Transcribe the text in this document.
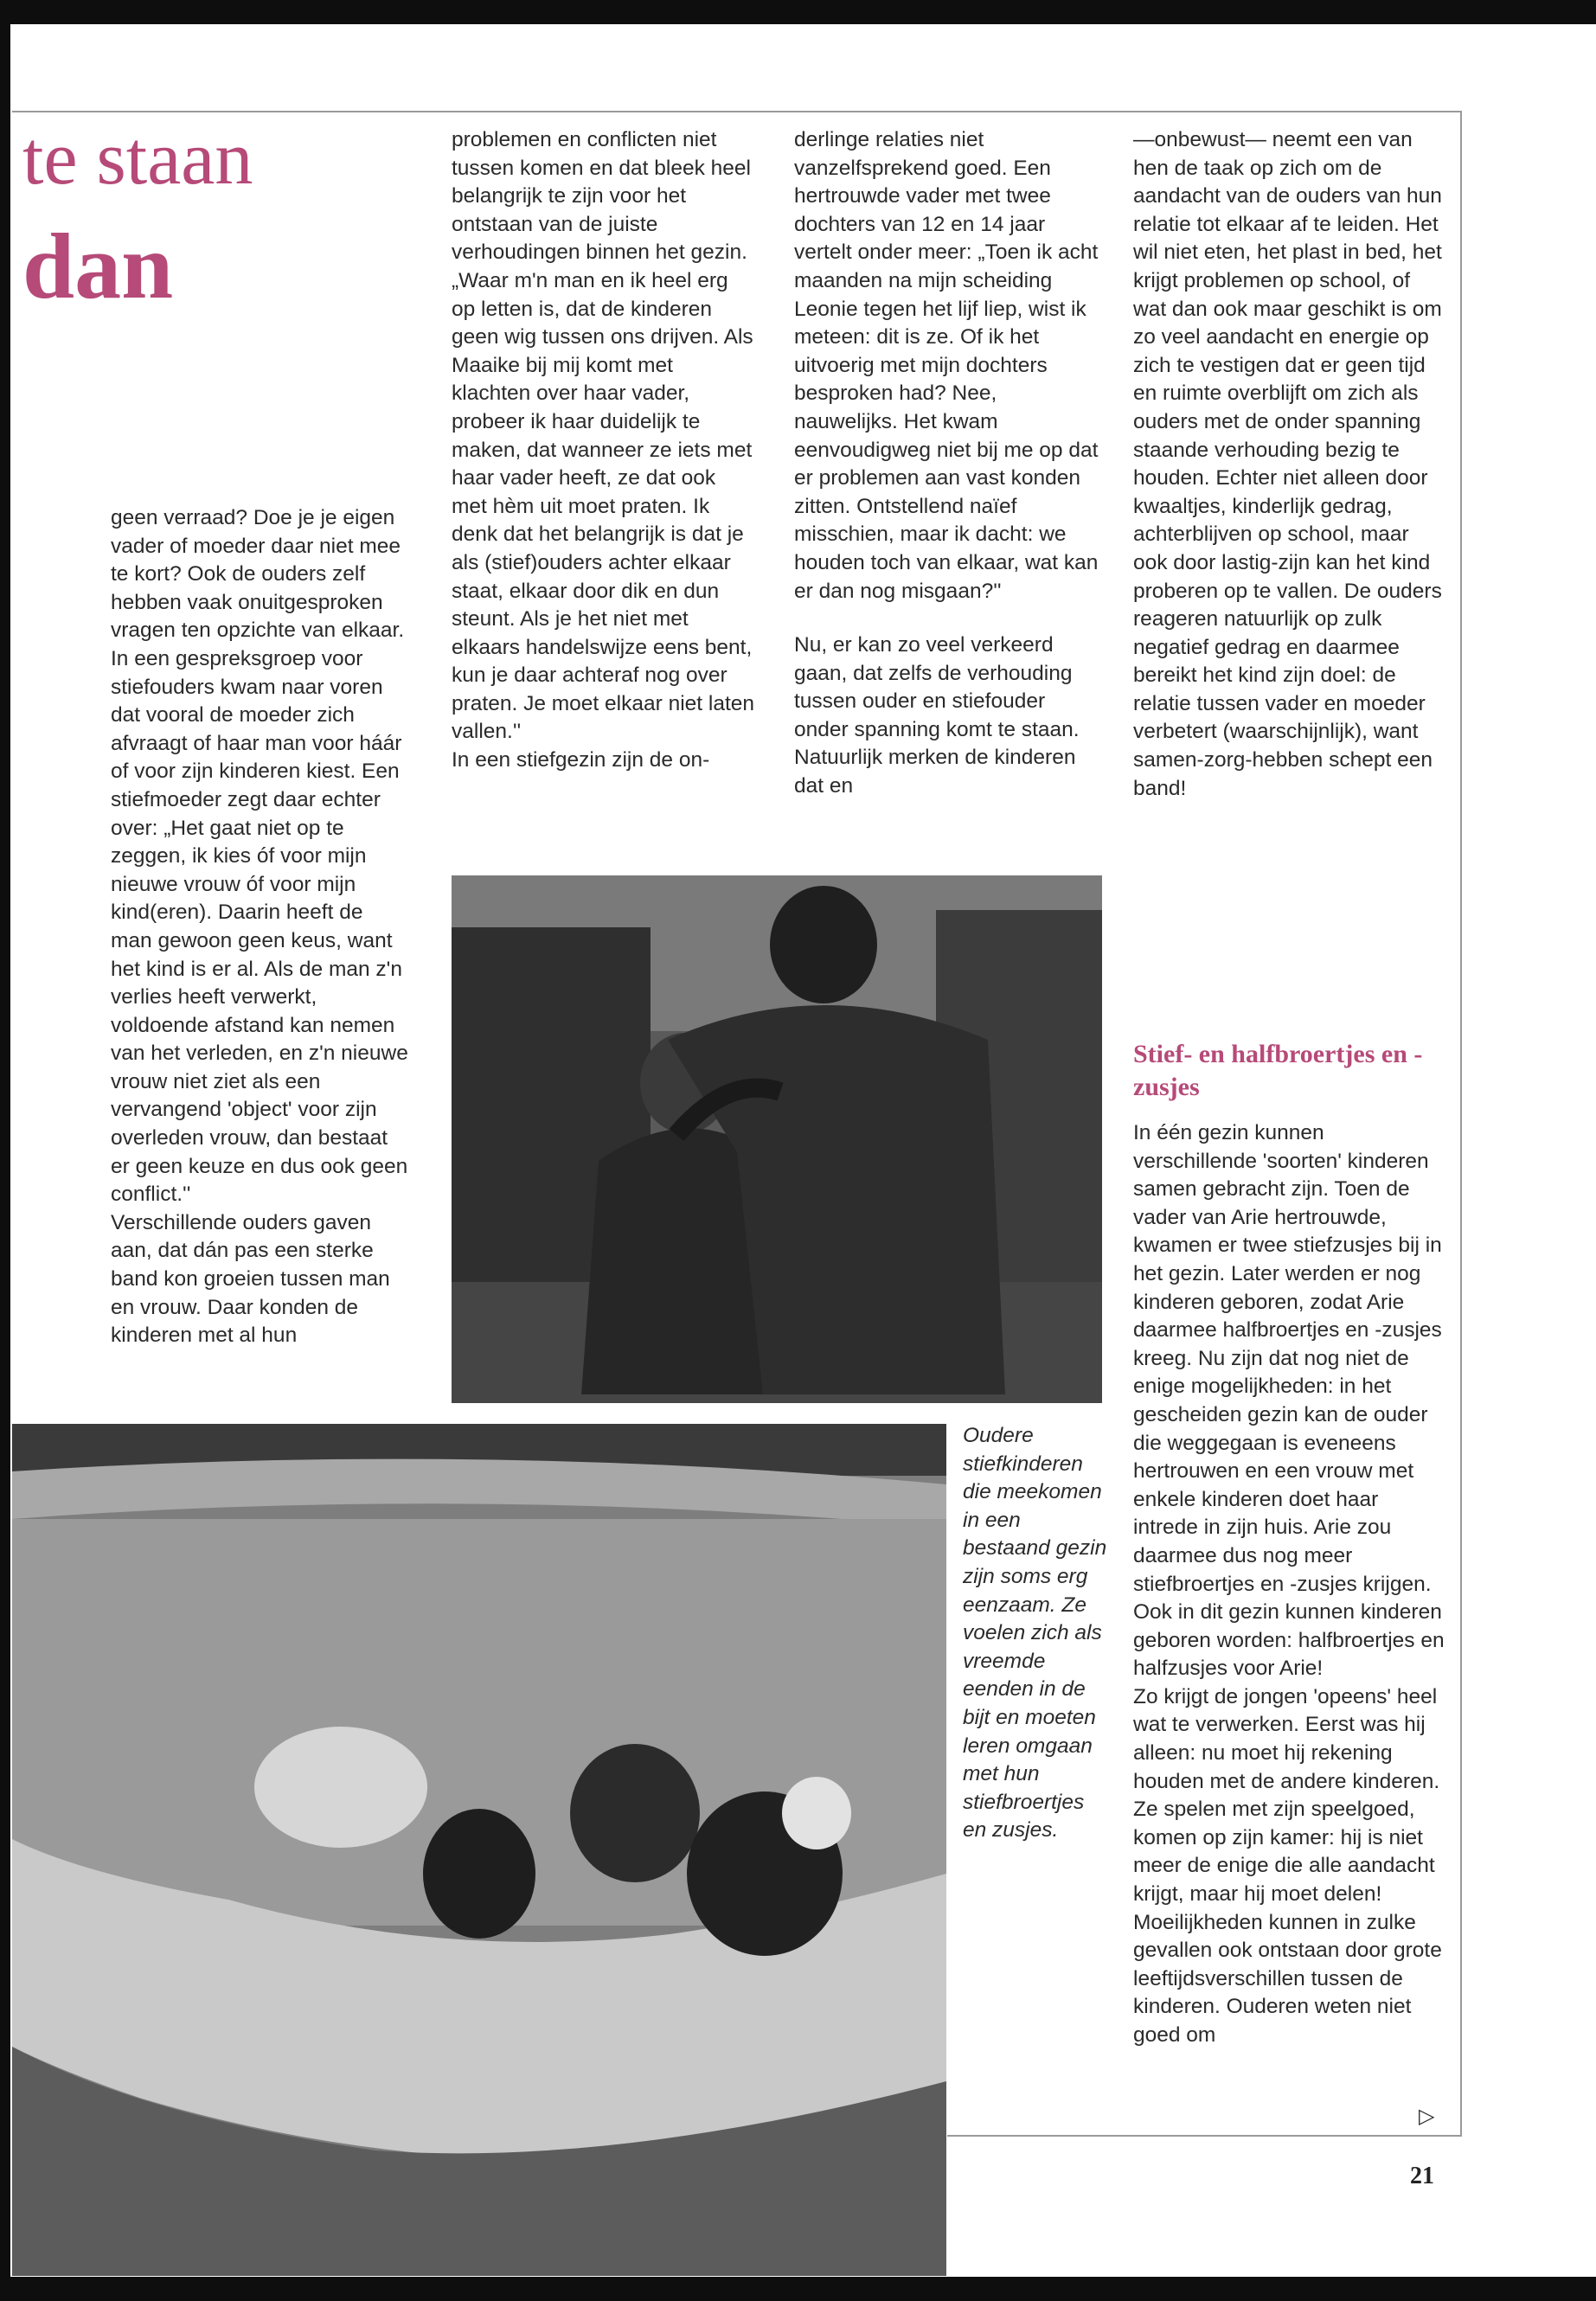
te staan
dan

geen verraad? Doe je je eigen vader of moeder daar niet mee te kort? Ook de ouders zelf hebben vaak onuitgesproken vragen ten opzichte van elkaar. In een gespreksgroep voor stiefouders kwam naar voren dat vooral de moeder zich afvraagt of haar man voor háár of voor zijn kinderen kiest. Een stiefmoeder zegt daar echter over: „Het gaat niet op te zeggen, ik kies óf voor mijn nieuwe vrouw óf voor mijn kind(eren). Daarin heeft de man gewoon geen keus, want het kind is er al. Als de man z'n verlies heeft verwerkt, voldoende afstand kan nemen van het verleden, en z'n nieuwe vrouw niet ziet als een vervangend 'object' voor zijn overleden vrouw, dan bestaat er geen keuze en dus ook geen conflict.''

Verschillende ouders gaven aan, dat dán pas een sterke band kon groeien tussen man en vrouw. Daar konden de kinderen met al hun

problemen en conflicten niet tussen komen en dat bleek heel belangrijk te zijn voor het ontstaan van de juiste verhoudingen binnen het gezin. „Waar m'n man en ik heel erg op letten is, dat de kinderen geen wig tussen ons drijven. Als Maaike bij mij komt met klachten over haar vader, probeer ik haar duidelijk te maken, dat wanneer ze iets met haar vader heeft, ze dat ook met hèm uit moet praten. Ik denk dat het belangrijk is dat je als (stief)ouders achter elkaar staat, elkaar door dik en dun steunt. Als je het niet met elkaars handelswijze eens bent, kun je daar achteraf nog over praten. Je moet elkaar niet laten vallen.''

In een stiefgezin zijn de on-

derlinge relaties niet vanzelfsprekend goed. Een hertrouwde vader met twee dochters van 12 en 14 jaar vertelt onder meer: „Toen ik acht maanden na mijn scheiding Leonie tegen het lijf liep, wist ik meteen: dit is ze. Of ik het uitvoerig met mijn dochters besproken had? Nee, nauwelijks. Het kwam eenvoudigweg niet bij me op dat er problemen aan vast konden zitten. Ontstellend naïef misschien, maar ik dacht: we houden toch van elkaar, wat kan er dan nog misgaan?''

Nu, er kan zo veel verkeerd gaan, dat zelfs de verhouding tussen ouder en stiefouder onder spanning komt te staan. Natuurlijk merken de kinderen dat en

—onbewust— neemt een van hen de taak op zich om de aandacht van de ouders van hun relatie tot elkaar af te leiden. Het wil niet eten, het plast in bed, het krijgt problemen op school, of wat dan ook maar geschikt is om zo veel aandacht en energie op zich te vestigen dat er geen tijd en ruimte overblijft om zich als ouders met de onder spanning staande verhouding bezig te houden. Echter niet alleen door kwaaltjes, kinderlijk gedrag, achterblijven op school, maar ook door lastig-zijn kan het kind proberen op te vallen. De ouders reageren natuurlijk op zulk negatief gedrag en daarmee bereikt het kind zijn doel: de relatie tussen vader en moeder verbetert (waarschijnlijk), want samen-zorg-hebben schept een band!

Stief- en halfbroertjes en -zusjes

In één gezin kunnen verschillende 'soorten' kinderen samen gebracht zijn. Toen de vader van Arie hertrouwde, kwamen er twee stiefzusjes bij in het gezin. Later werden er nog kinderen geboren, zodat Arie daarmee halfbroertjes en -zusjes kreeg. Nu zijn dat nog niet de enige mogelijkheden: in het gescheiden gezin kan de ouder die weggegaan is eveneens hertrouwen en een vrouw met enkele kinderen doet haar intrede in zijn huis. Arie zou daarmee dus nog meer stiefbroertjes en -zusjes krijgen. Ook in dit gezin kunnen kinderen geboren worden: halfbroertjes en halfzusjes voor Arie!

Zo krijgt de jongen 'opeens' heel wat te verwerken. Eerst was hij alleen: nu moet hij rekening houden met de andere kinderen. Ze spelen met zijn speelgoed, komen op zijn kamer: hij is niet meer de enige die alle aandacht krijgt, maar hij moet delen! Moeilijkheden kunnen in zulke gevallen ook ontstaan door grote leeftijdsverschillen tussen de kinderen. Ouderen weten niet goed om

Oudere stiefkinderen die meekomen in een bestaand gezin zijn soms erg eenzaam. Ze voelen zich als vreemde eenden in de bijt en moeten leren omgaan met hun stiefbroertjes en zusjes.

▷

21
